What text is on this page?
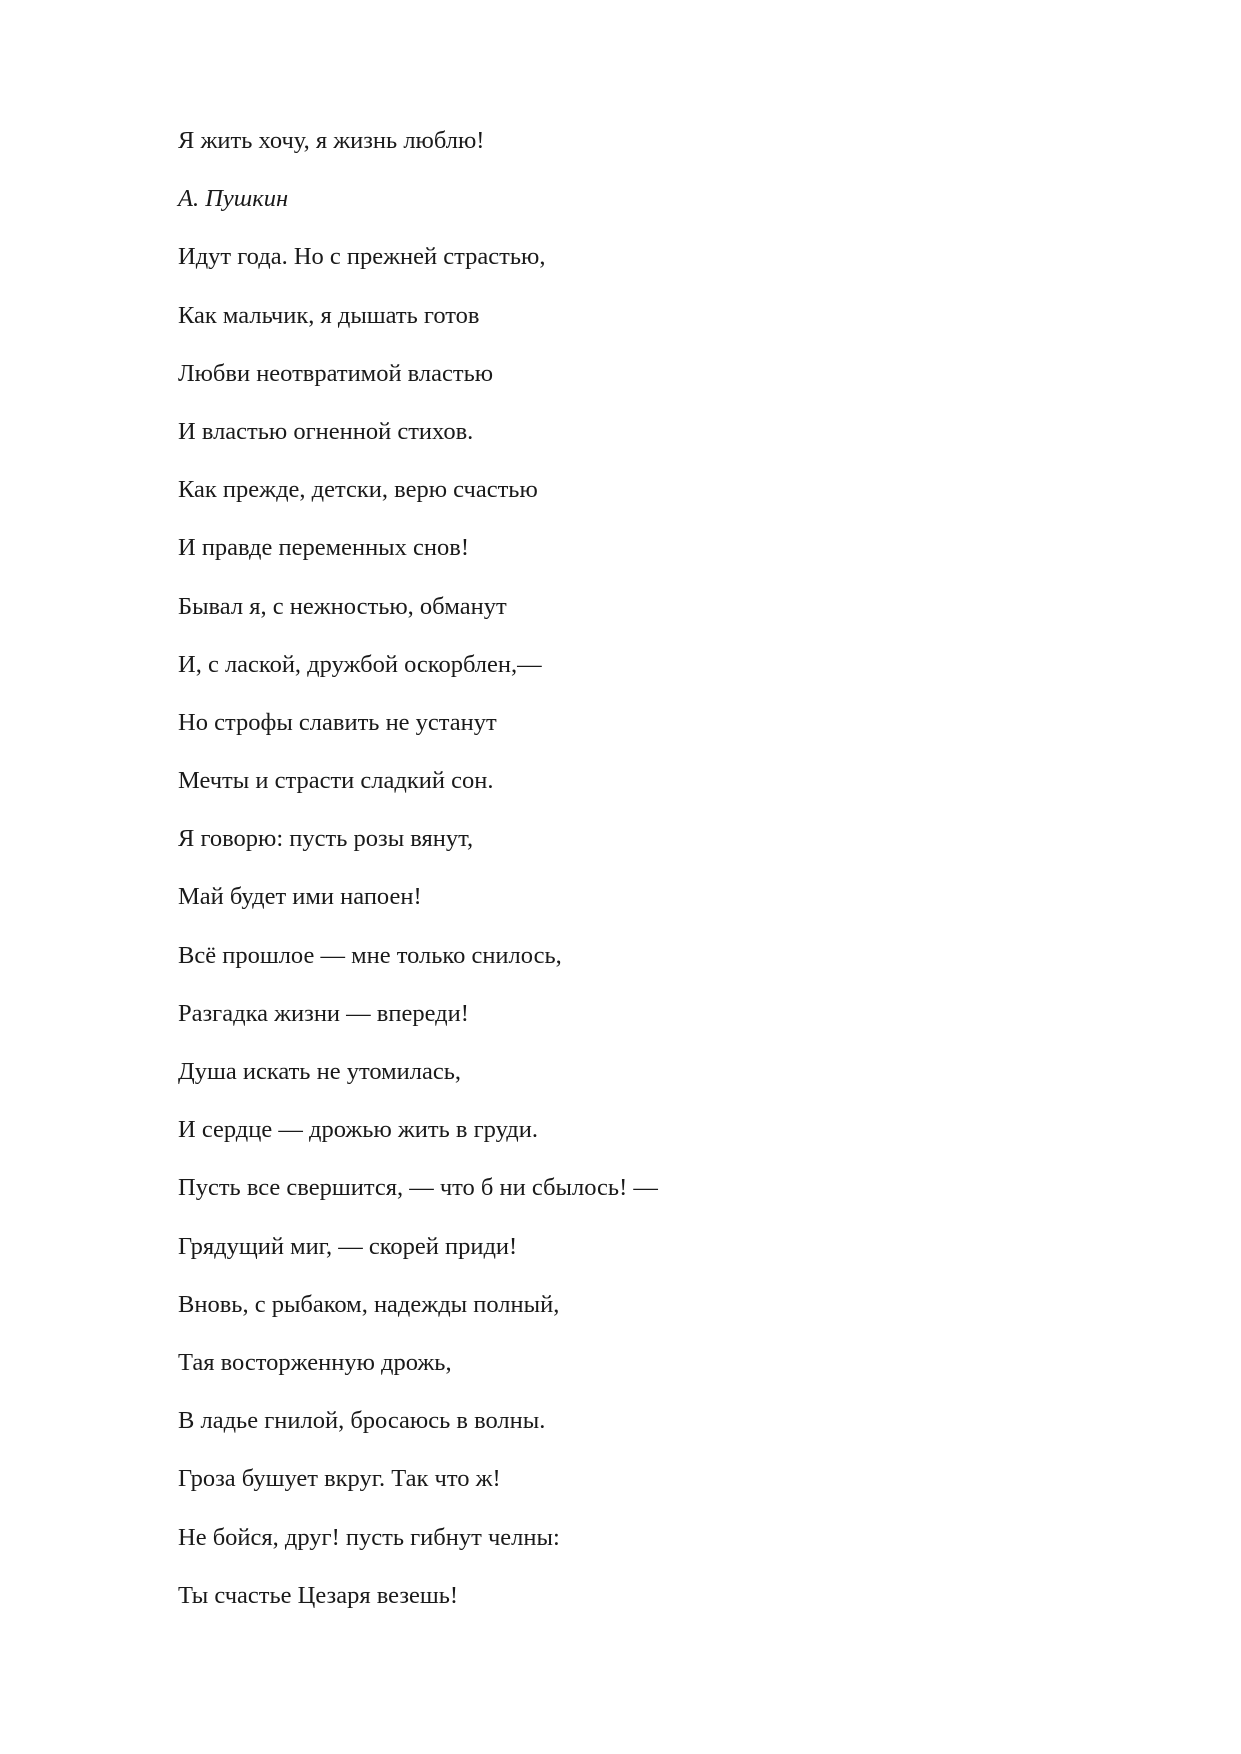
Я жить хочу, я жизнь люблю!

А. Пушкин

Идут года. Но с прежней страстью,
Как мальчик, я дышать готов
Любви неотвратимой властью
И властью огненной стихов.
Как прежде, детски, верю счастью
И правде переменных снов!
Бывал я, с нежностью, обманут
И, с лаской, дружбой оскорблен,—
Но строфы славить не устанут
Мечты и страсти сладкий сон.
Я говорю: пусть розы вянут,
Май будет ими напоен!
Всё прошлое — мне только снилось,
Разгадка жизни — впереди!
Душа искать не утомилась,
И сердце — дрожью жить в груди.
Пусть все свершится, — что б ни сбылось! —
Грядущий миг, — скорей приди!
Вновь, с рыбаком, надежды полный,
Тая восторженную дрожь,
В ладье гнилой, бросаюсь в волны.
Гроза бушует вкруг. Так что ж!
Не бойся, друг! пусть гибнут челны:
Ты счастье Цезаря везешь!
